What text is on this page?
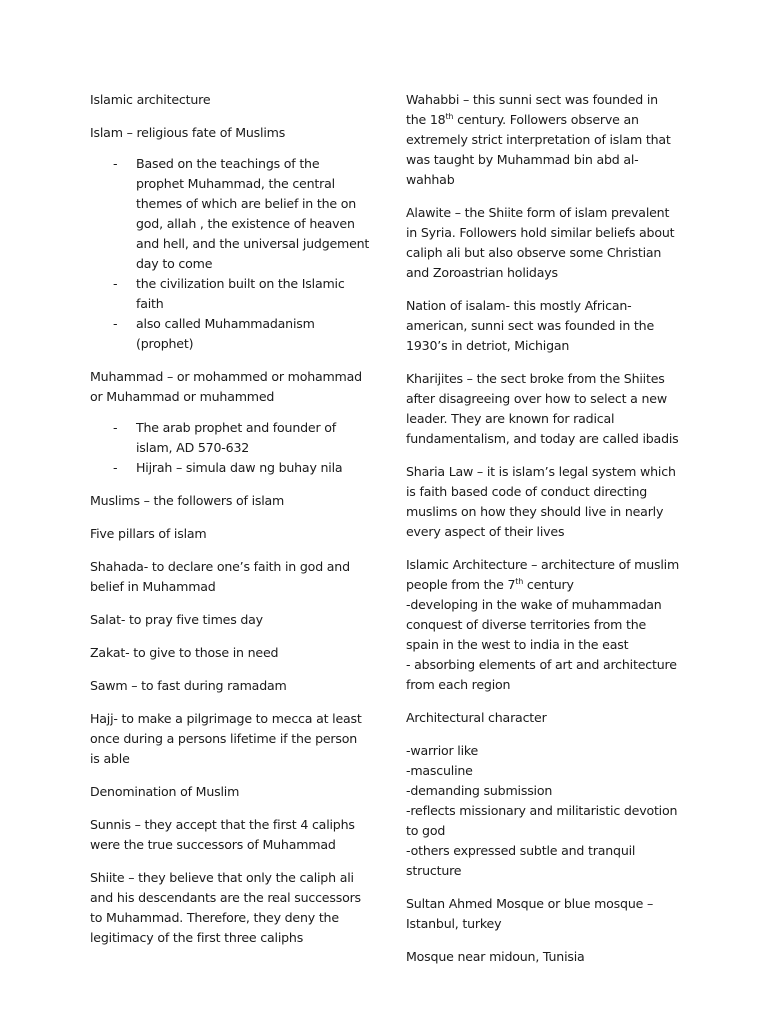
Islamic architecture

Islam – religious fate of Muslims

- Based on the teachings of the prophet Muhammad, the central themes of which are belief in the on god, allah , the existence of heaven and hell, and the universal judgement day to come
- the civilization built on the Islamic faith
- also called Muhammadanism (prophet)

Muhammad – or mohammed or mohammad or Muhammad or muhammed

- The arab prophet and founder of islam, AD 570-632
- Hijrah – simula daw ng buhay nila

Muslims – the followers of islam

Five pillars of islam

Shahada- to declare one’s faith in god and belief in Muhammad

Salat- to pray five times day

Zakat- to give to those in need

Sawm – to fast during ramadam

Hajj- to make a pilgrimage to mecca at least once during a persons lifetime if the person is able

Denomination of Muslim

Sunnis – they accept that the first 4 caliphs were the true successors of Muhammad

Shiite – they believe that only the caliph ali and his descendants are the real successors to Muhammad. Therefore, they deny the legitimacy of the first three caliphs

Wahabbi – this sunni sect was founded in the 18th century. Followers observe an extremely strict interpretation of islam that was taught by Muhammad bin abd al-wahhab

Alawite – the Shiite form of islam prevalent in Syria. Followers hold similar beliefs about caliph ali but also observe some Christian and Zoroastrian holidays

Nation of isalam- this mostly African-american, sunni sect was founded in the 1930’s in detriot, Michigan

Kharijites – the sect broke from the Shiites after disagreeing over how to select a new leader. They are known for radical fundamentalism, and today are called ibadis

Sharia Law – it is islam’s legal system which is faith based code of conduct directing muslims on how they should live in nearly every aspect of their lives

Islamic Architecture – architecture of muslim people from the 7th century
-developing in the wake of muhammadan conquest of diverse territories from the spain in the west to india in the east
- absorbing elements of art and architecture from each region

Architectural character

-warrior like
-masculine
-demanding submission
-reflects missionary and militaristic devotion to god
-others expressed subtle and tranquil structure

Sultan Ahmed Mosque or blue mosque – Istanbul, turkey

Mosque near midoun, Tunisia
